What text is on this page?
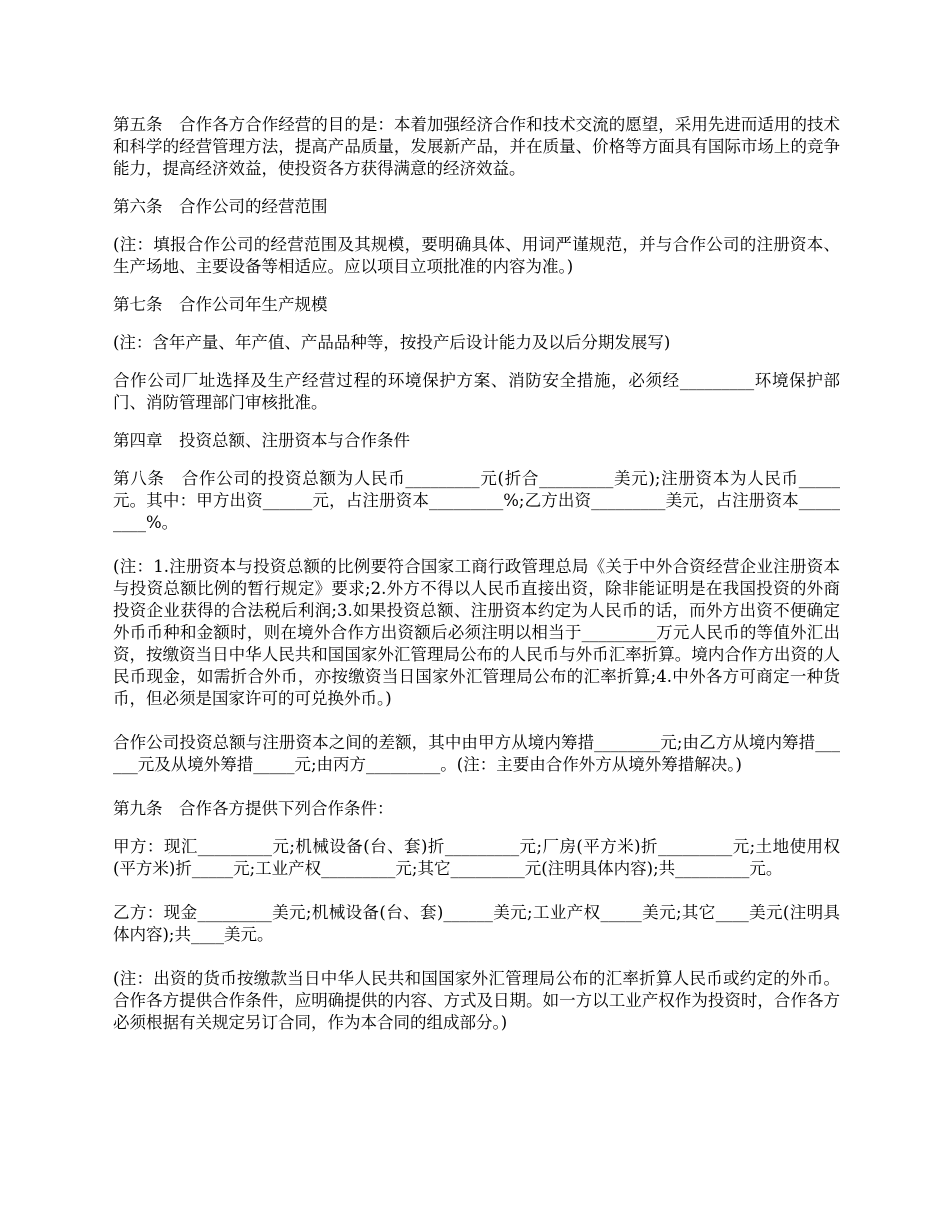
第五条　合作各方合作经营的目的是：本着加强经济合作和技术交流的愿望，采用先进而适用的技术和科学的经营管理方法，提高产品质量，发展新产品，并在质量、价格等方面具有国际市场上的竞争能力，提高经济效益，使投资各方获得满意的经济效益。

第六条　合作公司的经营范围

(注：填报合作公司的经营范围及其规模，要明确具体、用词严谨规范，并与合作公司的注册资本、生产场地、主要设备等相适应。应以项目立项批准的内容为准。)

第七条　合作公司年生产规模

(注：含年产量、年产值、产品品种等，按投产后设计能力及以后分期发展写)

合作公司厂址选择及生产经营过程的环境保护方案、消防安全措施，必须经_________环境保护部门、消防管理部门审核批准。

第四章　投资总额、注册资本与合作条件

第八条　合作公司的投资总额为人民币_________元(折合_________美元);注册资本为人民币_____元。其中：甲方出资______元，占注册资本_________%;乙方出资_________美元，占注册资本_________%。

(注：1.注册资本与投资总额的比例要符合国家工商行政管理总局《关于中外合资经营企业注册资本与投资总额比例的暂行规定》要求;2.外方不得以人民币直接出资，除非能证明是在我国投资的外商投资企业获得的合法税后利润;3.如果投资总额、注册资本约定为人民币的话，而外方出资不便确定外币币种和金额时，则在境外合作方出资额后必须注明以相当于_________万元人民币的等值外汇出资，按缴资当日中华人民共和国国家外汇管理局公布的人民币与外币汇率折算。境内合作方出资的人民币现金，如需折合外币，亦按缴资当日国家外汇管理局公布的汇率折算;4.中外各方可商定一种货币，但必须是国家许可的可兑换外币。)

合作公司投资总额与注册资本之间的差额，其中由甲方从境内筹措________元;由乙方从境内筹措______元及从境外筹措_____元;由丙方_________。(注：主要由合作外方从境外筹措解决。)

第九条　合作各方提供下列合作条件：

甲方：现汇_________元;机械设备(台、套)折_________元;厂房(平方米)折_________元;土地使用权(平方米)折_____元;工业产权_________元;其它_________元(注明具体内容);共_________元。

乙方：现金_________美元;机械设备(台、套)______美元;工业产权_____美元;其它____美元(注明具体内容);共____美元。

(注：出资的货币按缴款当日中华人民共和国国家外汇管理局公布的汇率折算人民币或约定的外币。合作各方提供合作条件，应明确提供的内容、方式及日期。如一方以工业产权作为投资时，合作各方必须根据有关规定另订合同，作为本合同的组成部分。)
